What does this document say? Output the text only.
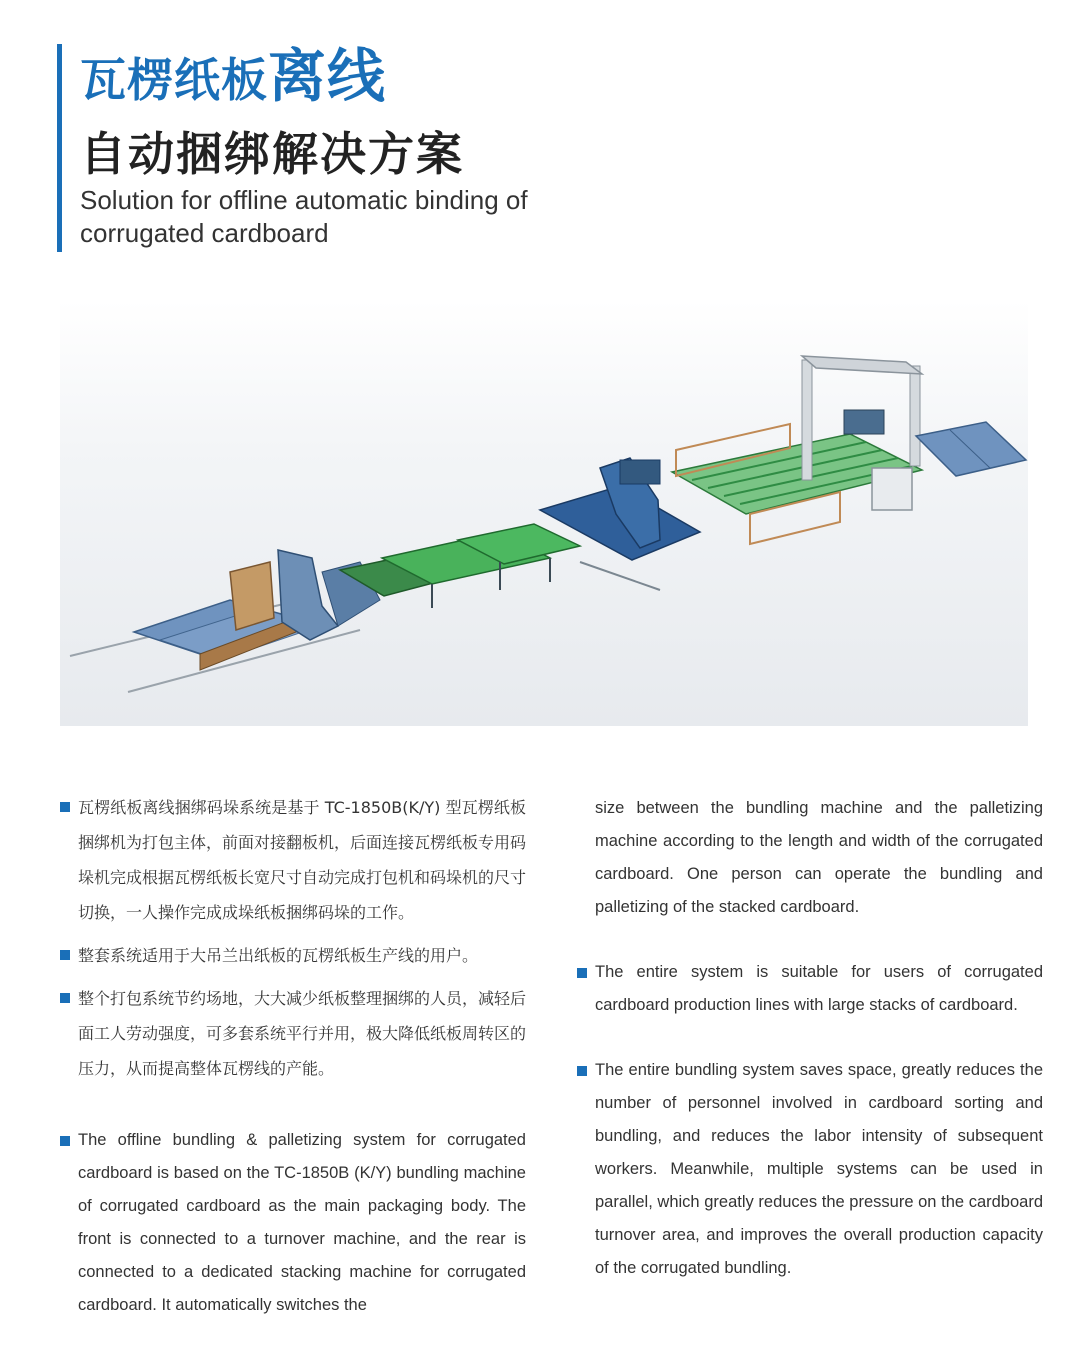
瓦楞纸板离线
自动捆绑解决方案
Solution for offline automatic binding of
corrugated cardboard
瓦楞纸板离线捆绑码垛系统是基于 TC-1850B(K/Y) 型瓦楞纸板捆绑机为打包主体，前面对接翻板机，后面连接瓦楞纸板专用码垛机完成根据瓦楞纸板长宽尺寸自动完成打包机和码垛机的尺寸切换，一人操作完成成垛纸板捆绑码垛的工作。
整套系统适用于大吊兰出纸板的瓦楞纸板生产线的用户。
整个打包系统节约场地，大大减少纸板整理捆绑的人员，减轻后面工人劳动强度，可多套系统平行并用，极大降低纸板周转区的压力，从而提高整体瓦楞线的产能。
The offline bundling & palletizing system for corrugated cardboard is based on the TC-1850B (K/Y) bundling machine of corrugated cardboard as the main packaging body. The front is connected to a turnover machine, and the rear is connected to a dedicated stacking machine for corrugated cardboard. It automatically switches the
size between the bundling machine and the palletizing machine according to the length and width of the corrugated cardboard. One person can operate the bundling and palletizing of the stacked cardboard.
The entire system is suitable for users of corrugated cardboard production lines with large stacks of cardboard.
The entire bundling system saves space, greatly reduces the number of personnel involved in cardboard sorting and bundling, and reduces the labor intensity of subsequent workers. Meanwhile, multiple systems can be used in parallel, which greatly reduces the pressure on the cardboard turnover area, and improves the overall production capacity of the corrugated bundling.
